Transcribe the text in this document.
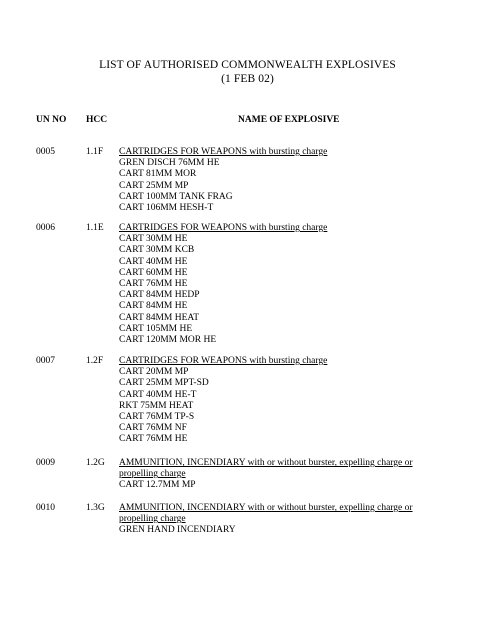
LIST OF AUTHORISED COMMONWEALTH EXPLOSIVES
(1 FEB 02)
UN NO HCC	NAME OF EXPLOSIVE
0005	1.1F CARTRIDGES FOR WEAPONS with bursting charge
GREN DISCH 76MM HE
CART 81MM MOR
CART 25MM MP
CART 100MM TANK FRAG
CART 106MM HESH-T
0006	1.1E CARTRIDGES FOR WEAPONS with bursting charge
CART 30MM HE
CART 30MM KCB
CART 40MM HE
CART 60MM HE
CART 76MM HE
CART 84MM HEDP
CART 84MM HE
CART 84MM HEAT
CART 105MM HE
CART 120MM MOR HE
0007	1.2F CARTRIDGES FOR WEAPONS with bursting charge
CART 20MM MP
CART 25MM MPT-SD
CART 40MM HE-T
RKT 75MM HEAT
CART 76MM TP-S
CART 76MM NF
CART 76MM HE
0009	1.2G AMMUNITION, INCENDIARY with or without burster, expelling charge or propelling charge
CART 12.7MM MP
0010	1.3G AMMUNITION, INCENDIARY with or without burster, expelling charge or propelling charge
GREN HAND INCENDIARY
